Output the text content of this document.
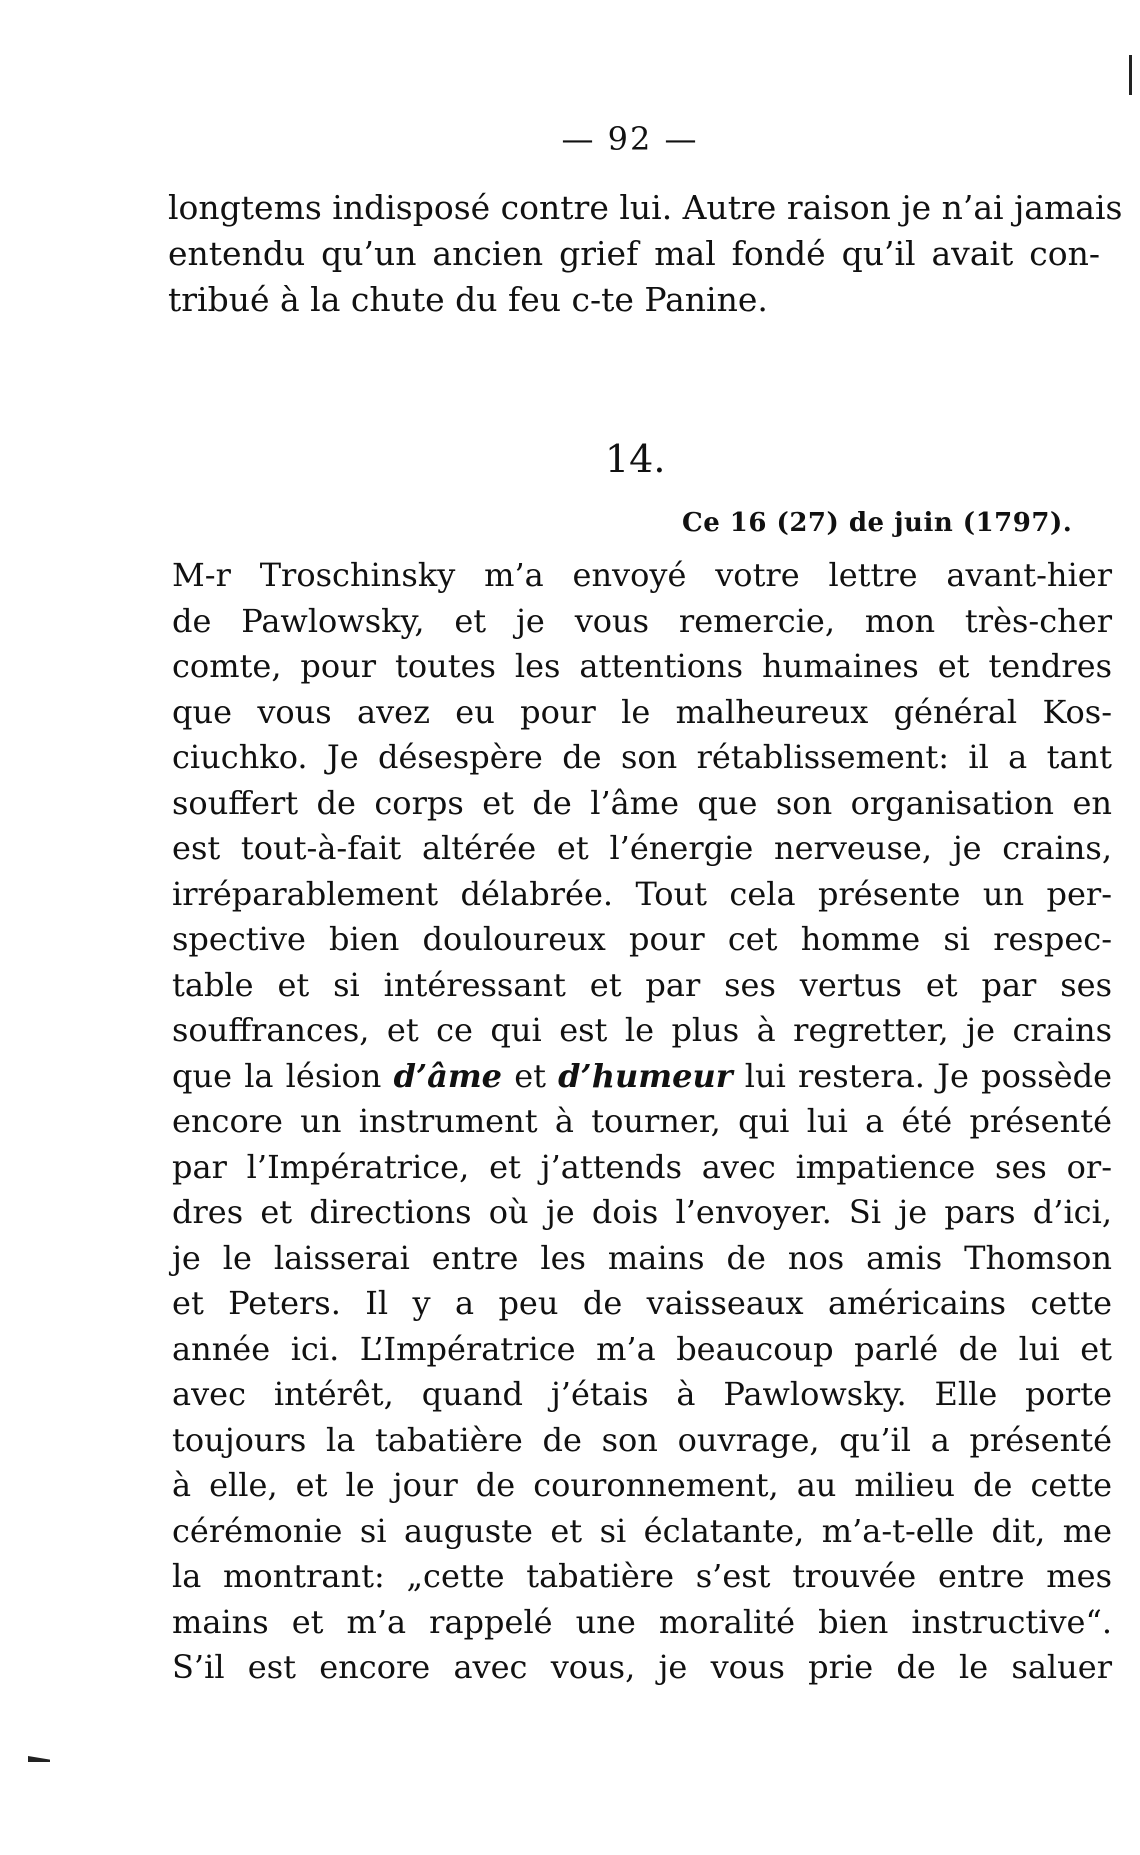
— 92 —
longtems indisposé contre lui. Autre raison je n’ai jamais
entendu qu’un ancien grief mal fondé qu’il avait con-
tribué à la chute du feu c-te Panine.
14.
Ce 16 (27) de juin (1797).
M-r Troschinsky m’a envoyé votre lettre avant-hier
de Pawlowsky, et je vous remercie, mon très-cher
comte, pour toutes les attentions humaines et tendres
que vous avez eu pour le malheureux général Kos-
ciuchko. Je désespère de son rétablissement: il a tant
souffert de corps et de l’âme que son organisation en
est tout-à-fait altérée et l’énergie nerveuse, je crains,
irréparablement délabrée. Tout cela présente un per-
spective bien douloureux pour cet homme si respec-
table et si intéressant et par ses vertus et par ses
souffrances, et ce qui est le plus à regretter, je crains
que la lésion d’âme et d’humeur lui restera. Je possède
encore un instrument à tourner, qui lui a été présenté
par l’Impératrice, et j’attends avec impatience ses or-
dres et directions où je dois l’envoyer. Si je pars d’ici,
je le laisserai entre les mains de nos amis Thomson
et Peters. Il y a peu de vaisseaux américains cette
année ici. L’Impératrice m’a beaucoup parlé de lui et
avec intérêt, quand j’étais à Pawlowsky. Elle porte
toujours la tabatière de son ouvrage, qu’il a présenté
à elle, et le jour de couronnement, au milieu de cette
cérémonie si auguste et si éclatante, m’a-t-elle dit, me
la montrant: „cette tabatière s’est trouvée entre mes
mains et m’a rappelé une moralité bien instructive“.
S’il est encore avec vous, je vous prie de le saluer
